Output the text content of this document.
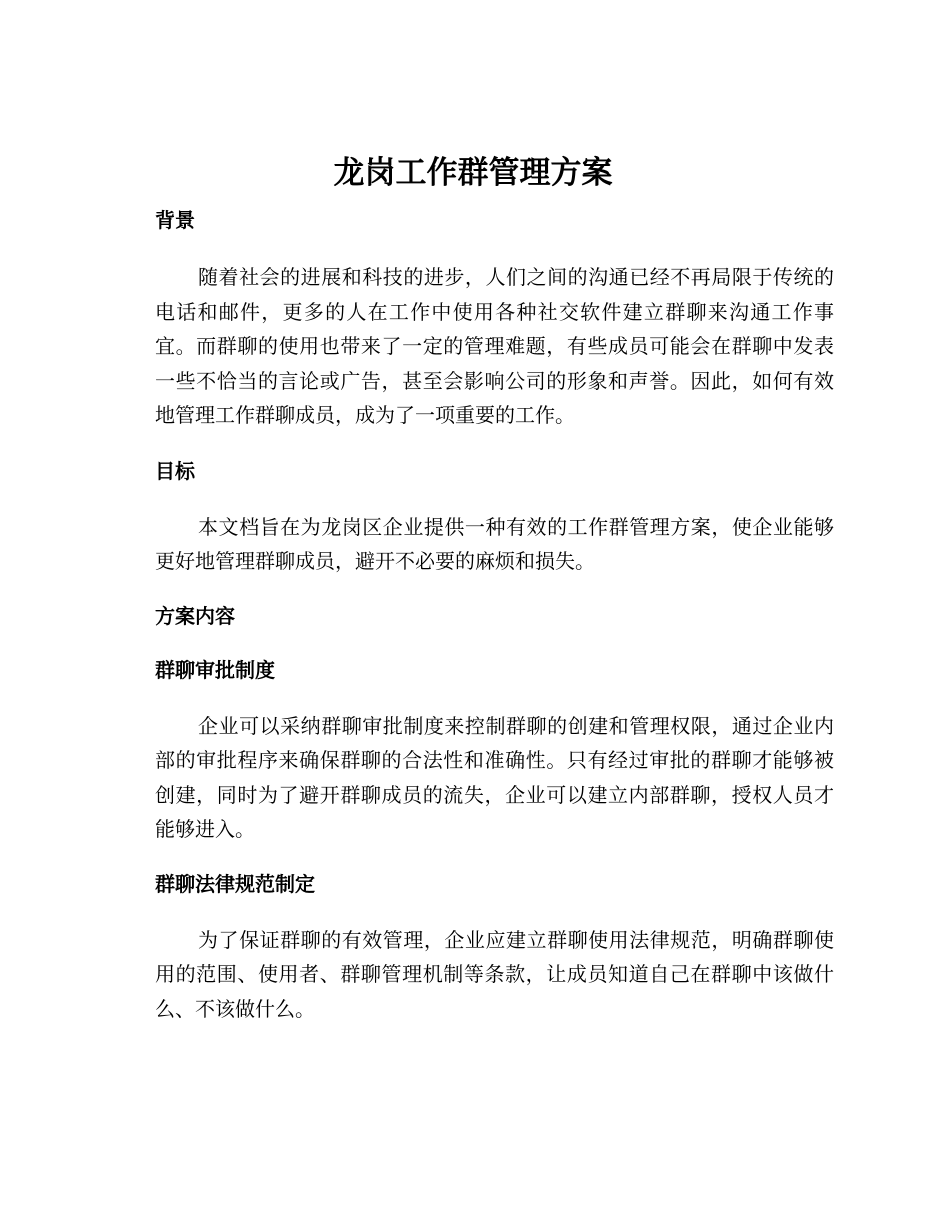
龙岗工作群管理方案
背景
随着社会的进展和科技的进步，人们之间的沟通已经不再局限于传统的
电话和邮件，更多的人在工作中使用各种社交软件建立群聊来沟通工作事
宜。而群聊的使用也带来了一定的管理难题，有些成员可能会在群聊中发表
一些不恰当的言论或广告，甚至会影响公司的形象和声誉。因此，如何有效
地管理工作群聊成员，成为了一项重要的工作。
目标
本文档旨在为龙岗区企业提供一种有效的工作群管理方案，使企业能够
更好地管理群聊成员，避开不必要的麻烦和损失。
方案内容
群聊审批制度
企业可以采纳群聊审批制度来控制群聊的创建和管理权限，通过企业内
部的审批程序来确保群聊的合法性和准确性。只有经过审批的群聊才能够被
创建，同时为了避开群聊成员的流失，企业可以建立内部群聊，授权人员才
能够进入。
群聊法律规范制定
为了保证群聊的有效管理，企业应建立群聊使用法律规范，明确群聊使
用的范围、使用者、群聊管理机制等条款，让成员知道自己在群聊中该做什
么、不该做什么。
